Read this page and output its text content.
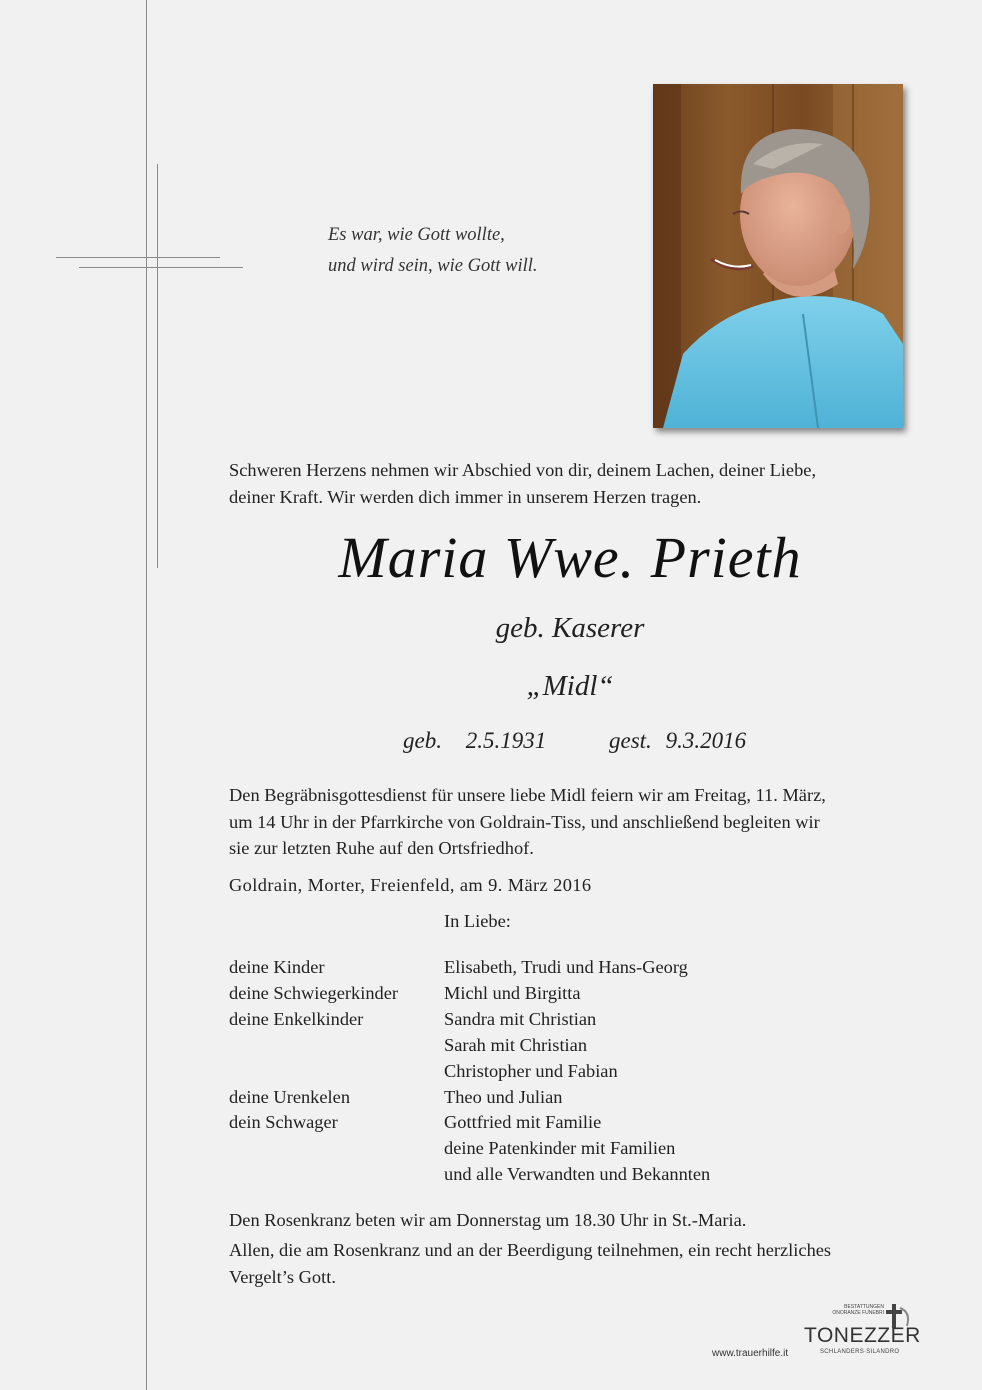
Es war, wie Gott wollte,
und wird sein, wie Gott will.
Schweren Herzens nehmen wir Abschied von dir, deinem Lachen, deiner Liebe,
deiner Kraft. Wir werden dich immer in unserem Herzen tragen.
Maria Wwe. Prieth
geb. Kaserer
„Midl“
geb. 2.5.1931	gest. 9.3.2016
Den Begräbnisgottesdienst für unsere liebe Midl feiern wir am Freitag, 11. März,
um 14 Uhr in der Pfarrkirche von Goldrain-Tiss, und anschließend begleiten wir
sie zur letzten Ruhe auf den Ortsfriedhof.
Goldrain, Morter, Freienfeld, am 9. März 2016
In Liebe:
deine Kinder	Elisabeth, Trudi und Hans-Georg
deine Schwiegerkinder	Michl und Birgitta
deine Enkelkinder	Sandra mit Christian
Sarah mit Christian
Christopher und Fabian
deine Urenkelen	Theo und Julian
dein Schwager	Gottfried mit Familie
deine Patenkinder mit Familien
und alle Verwandten und Bekannten
Den Rosenkranz beten wir am Donnerstag um 18.30 Uhr in St.-Maria.
Allen, die am Rosenkranz und an der Beerdigung teilnehmen, ein recht herzliches
Vergelt’s Gott.
www.trauerhilfe.it
BESTATTUNGEN
ONORANZE FUNEBRI
TONEZZER
SCHLANDERS·SILANDRO
